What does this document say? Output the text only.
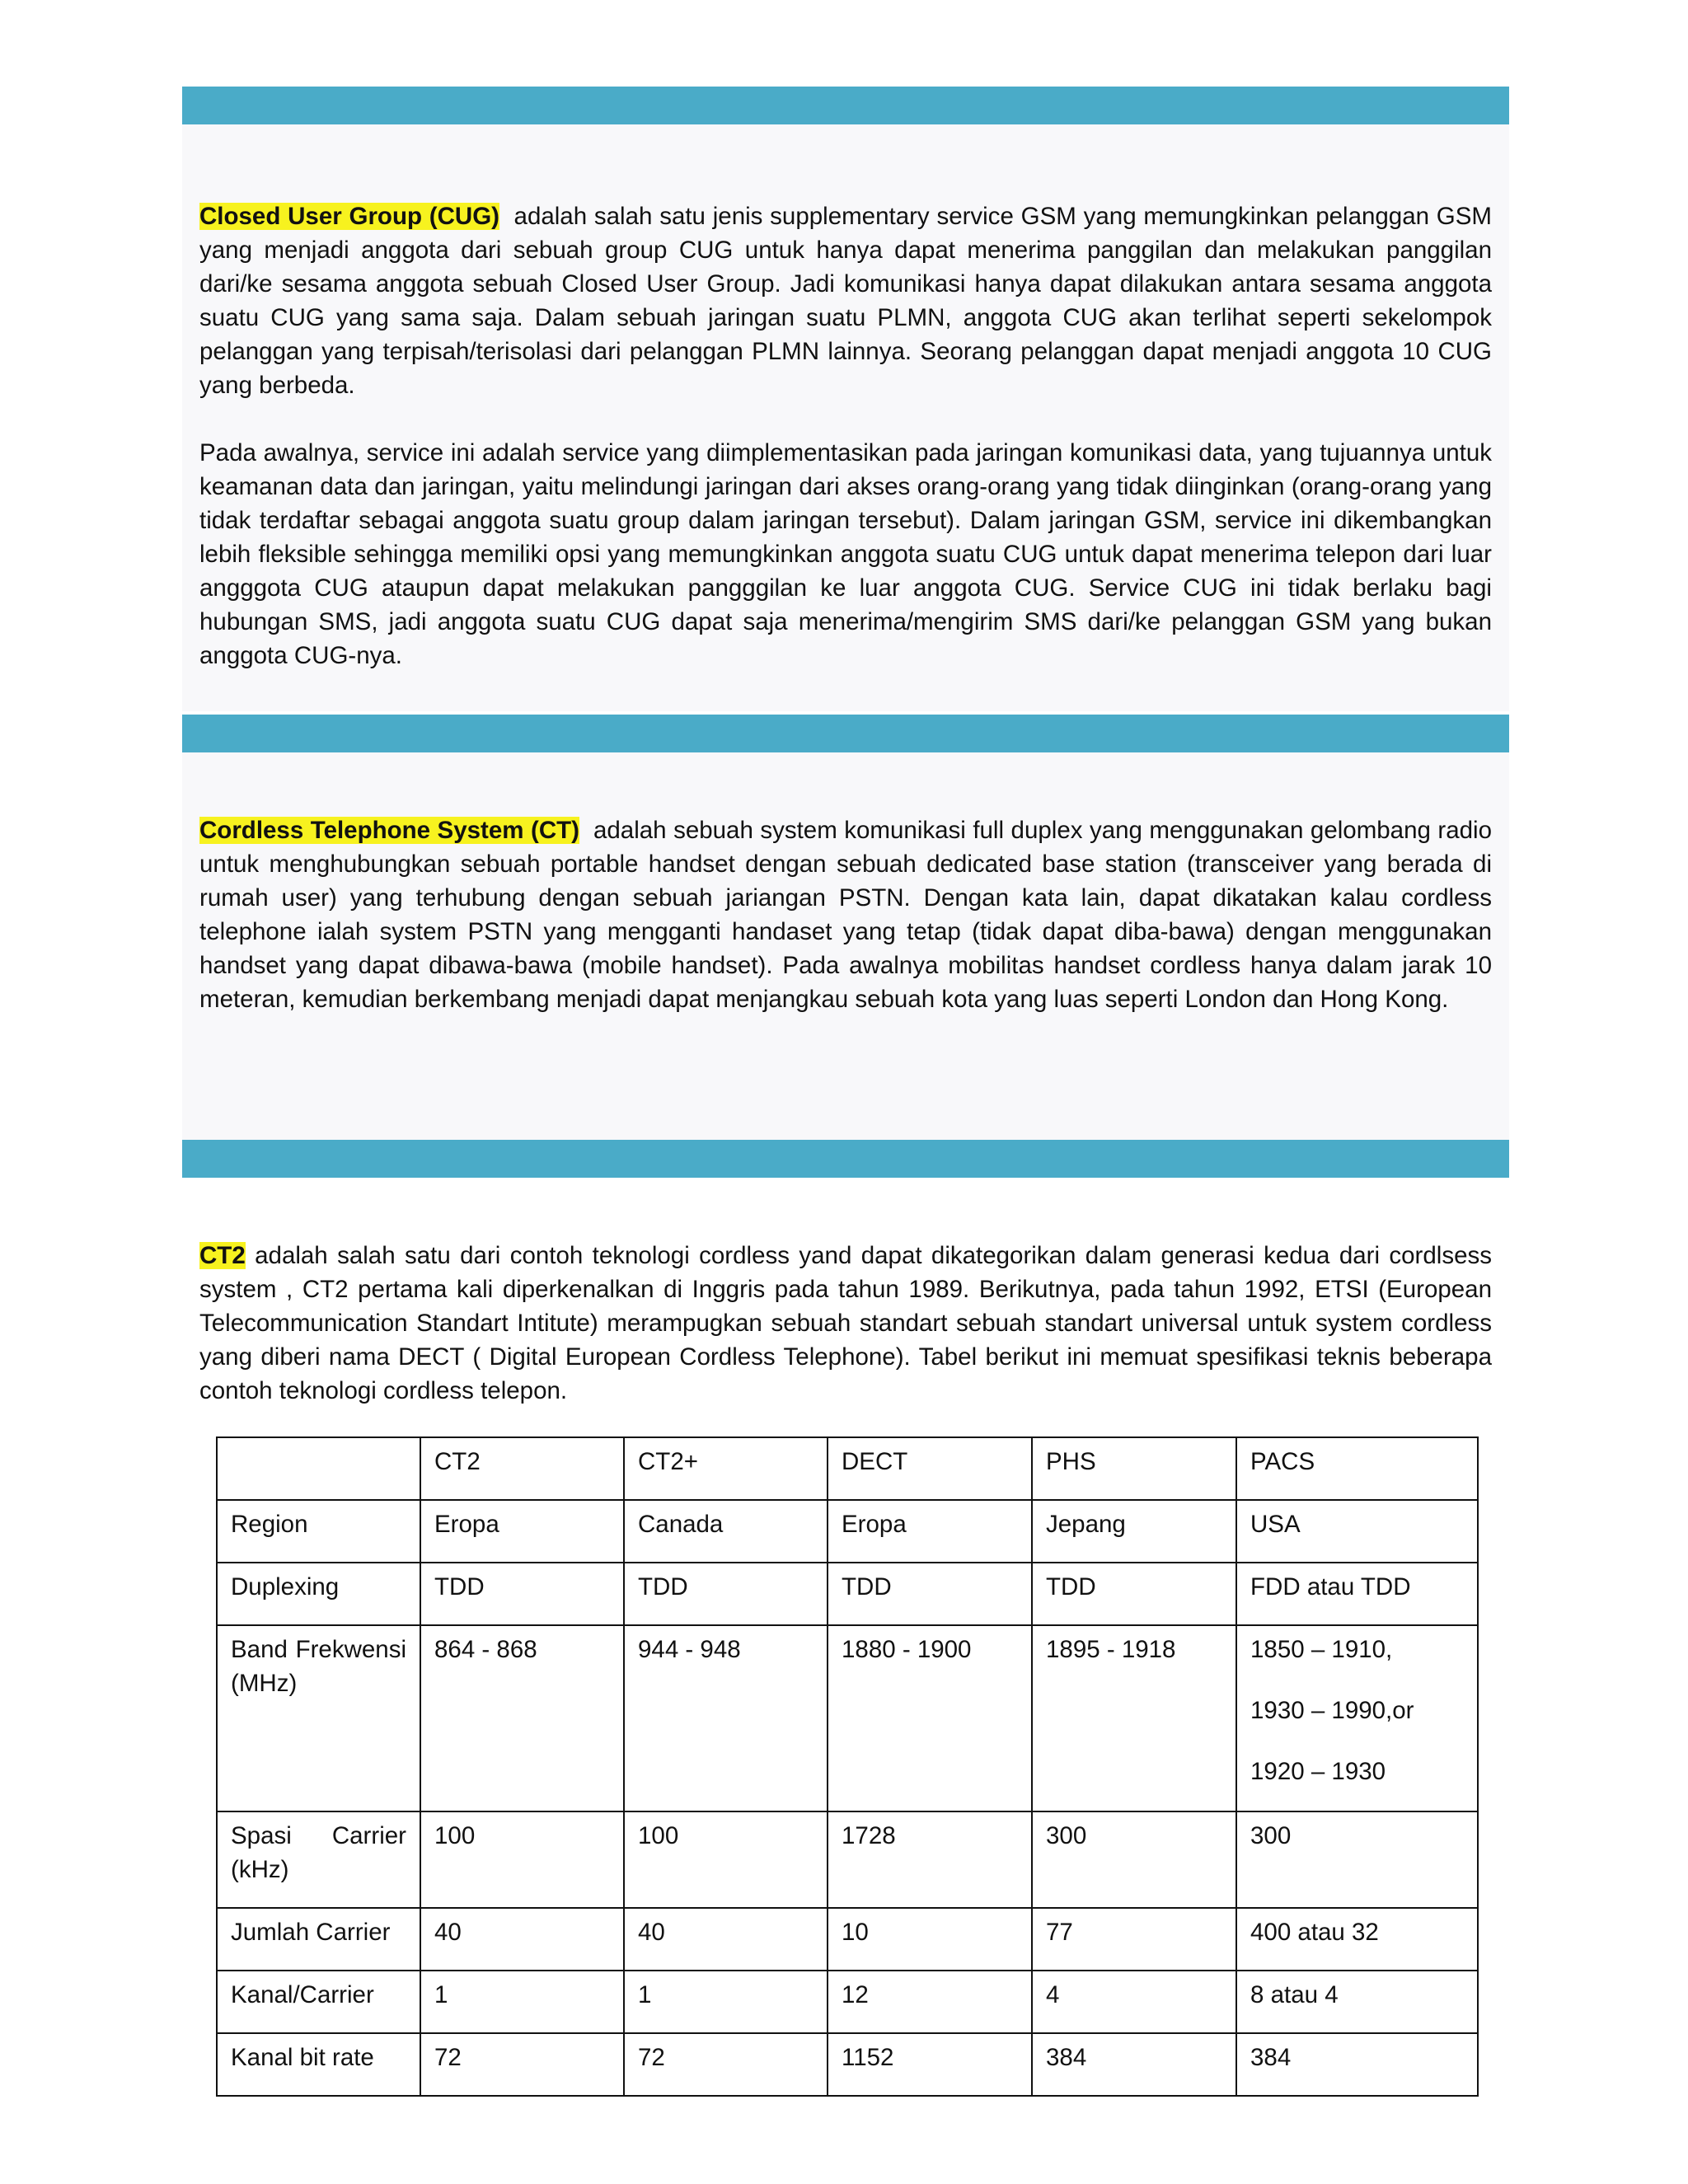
Closed User Group (CUG) adalah salah satu jenis supplementary service GSM yang memungkinkan pelanggan GSM yang menjadi anggota dari sebuah group CUG untuk hanya dapat menerima panggilan dan melakukan panggilan dari/ke sesama anggota sebuah Closed User Group. Jadi komunikasi hanya dapat dilakukan antara sesama anggota suatu CUG yang sama saja. Dalam sebuah jaringan suatu PLMN, anggota CUG akan terlihat seperti sekelompok pelanggan yang terpisah/terisolasi dari pelanggan PLMN lainnya. Seorang pelanggan dapat menjadi anggota 10 CUG yang berbeda.

Pada awalnya, service ini adalah service yang diimplementasikan pada jaringan komunikasi data, yang tujuannya untuk keamanan data dan jaringan, yaitu melindungi jaringan dari akses orang-orang yang tidak diinginkan (orang-orang yang tidak terdaftar sebagai anggota suatu group dalam jaringan tersebut). Dalam jaringan GSM, service ini dikembangkan lebih fleksible sehingga memiliki opsi yang memungkinkan anggota suatu CUG untuk dapat menerima telepon dari luar angggota CUG ataupun dapat melakukan pangggilan ke luar anggota CUG. Service CUG ini tidak berlaku bagi hubungan SMS, jadi anggota suatu CUG dapat saja menerima/mengirim SMS dari/ke pelanggan GSM yang bukan anggota CUG-nya.

Cordless Telephone System (CT) adalah sebuah system komunikasi full duplex yang menggunakan gelombang radio untuk menghubungkan sebuah portable handset dengan sebuah dedicated base station (transceiver yang berada di rumah user) yang terhubung dengan sebuah jariangan PSTN. Dengan kata lain, dapat dikatakan kalau cordless telephone ialah system PSTN yang mengganti handaset yang tetap (tidak dapat diba-bawa) dengan menggunakan handset yang dapat dibawa-bawa (mobile handset). Pada awalnya mobilitas handset cordless hanya dalam jarak 10 meteran, kemudian berkembang menjadi dapat menjangkau sebuah kota yang luas seperti London dan Hong Kong.

CT2 adalah salah satu dari contoh teknologi cordless yand dapat dikategorikan dalam generasi kedua dari cordlsess system , CT2 pertama kali diperkenalkan di Inggris pada tahun 1989. Berikutnya, pada tahun 1992, ETSI (European Telecommunication Standart Intitute) merampugkan sebuah standart sebuah standart universal untuk system cordless yang diberi nama DECT ( Digital European Cordless Telephone). Tabel berikut ini memuat spesifikasi teknis beberapa contoh teknologi cordless telepon.

	CT2	CT2+	DECT	PHS	PACS
Region	Eropa	Canada	Eropa	Jepang	USA
Duplexing	TDD	TDD	TDD	TDD	FDD atau TDD
Band Frekwensi (MHz)	864 - 868	944 - 948	1880 - 1900	1895 - 1918	1850 – 1910,
1930 – 1990,or
1920 – 1930

Spasi Carrier (kHz)	100	100	1728	300	300
Jumlah Carrier	40	40	10	77	400 atau 32
Kanal/Carrier	1	1	12	4	8 atau 4
Kanal bit rate	72	72	1152	384	384
